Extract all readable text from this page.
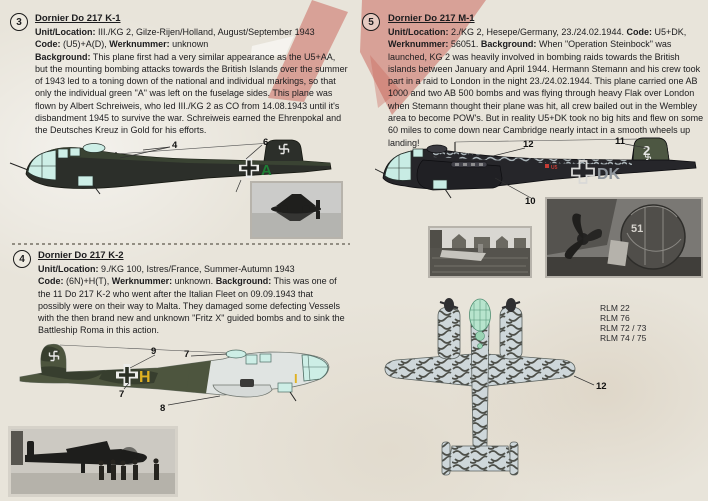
3 Dornier Do 217 K-1
Unit/Location: III./KG 2, Gilze-Rijen/Holland, August/September 1943
Code: (U5)+A(D), Werknummer: unknown
Background: This plane first had a very similar appearance as the U5+AA, but the mounting bombing attacks towards the British Islands over the summer of 1943 led to a toning down of the national and individual markings, so that only the individual green "A" was left on the fuselage sides. This plane was flown by Albert Schreiweis, who led III./KG 2 as CO from 14.08.1943 until it's disbandment 1945 to survive the war. Schreiweis earned the Ehrenpokal and the Deutsches Kreuz in Gold for his efforts.
A
4	6
4 Dornier Do 217 K-2
Unit/Location: 9./KG 100, Istres/France, Summer-Autumn 1943
Code: (6N)+H(T), Werknummer: unknown. Background: This was one of the 11 Do 217 K-2 who went after the Italian Fleet on 09.09.1943 that possibly were on their way to Malta. They damaged some defecting Vessels with the then brand new and unknown "Fritz X" guided bombs and to sink the Battleship Roma in this action.
H	I
9	7
7
8
5 Dornier Do 217 M-1
Unit/Location: 2./KG 2, Hesepe/Germany, 23./24.02.1944. Code: U5+DK, Werknummer: 56051. Background: When "Operation Steinbock" was launched, KG 2 was heavily involved in bombing raids towards the British islands between January and April 1944. Hermann Stemann and his crew took part in a raid to London in the night 23./24.02.1944. This plane carried one AB 1000 and two AB 500 bombs and was flying through heavy Flak over London when Stemann thought their plane was hit, all crew bailed out in the Wembley area to become POW's. But in reality U5+DK took no big hits and flew on some 60 miles to come down near Cambridge nearly intact in a smooth wheels up landing!
DK
U5
2
12	11
10
51
RLM 22
RLM 76
RLM 72 / 73
RLM 74 / 75
12
